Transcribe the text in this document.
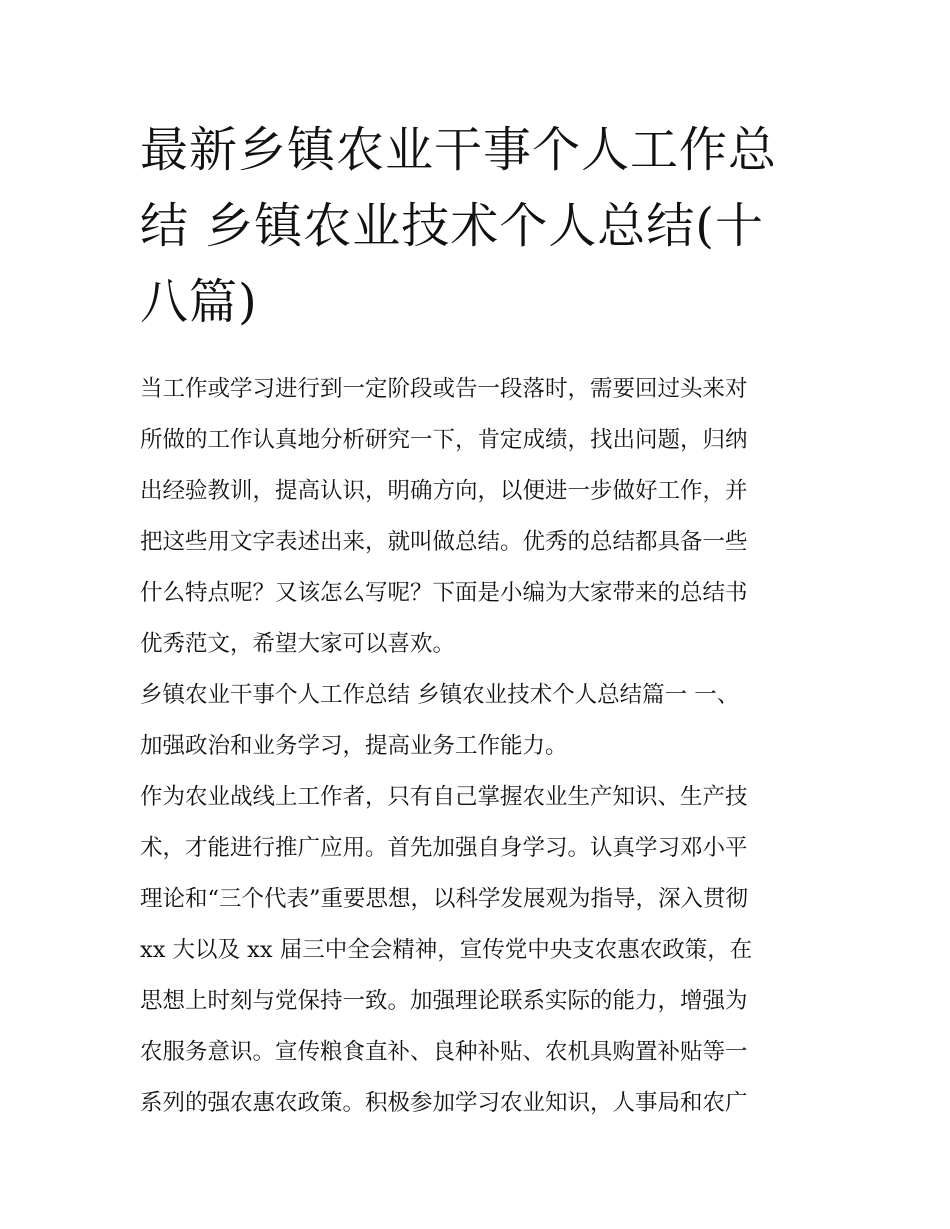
最新乡镇农业干事个人工作总
结 乡镇农业技术个人总结(十
八篇)

当工作或学习进行到一定阶段或告一段落时，需要回过头来对
所做的工作认真地分析研究一下，肯定成绩，找出问题，归纳
出经验教训，提高认识，明确方向，以便进一步做好工作，并
把这些用文字表述出来，就叫做总结。优秀的总结都具备一些
什么特点呢？又该怎么写呢？下面是小编为大家带来的总结书
优秀范文，希望大家可以喜欢。

乡镇农业干事个人工作总结 乡镇农业技术个人总结篇一 一、
加强政治和业务学习，提高业务工作能力。

作为农业战线上工作者，只有自己掌握农业生产知识、生产技
术，才能进行推广应用。首先加强自身学习。认真学习邓小平
理论和“三个代表”重要思想，以科学发展观为指导，深入贯彻
xx 大以及 xx 届三中全会精神，宣传党中央支农惠农政策，在
思想上时刻与党保持一致。加强理论联系实际的能力，增强为
农服务意识。宣传粮食直补、良种补贴、农机具购置补贴等一
系列的强农惠农政策。积极参加学习农业知识，人事局和农广
